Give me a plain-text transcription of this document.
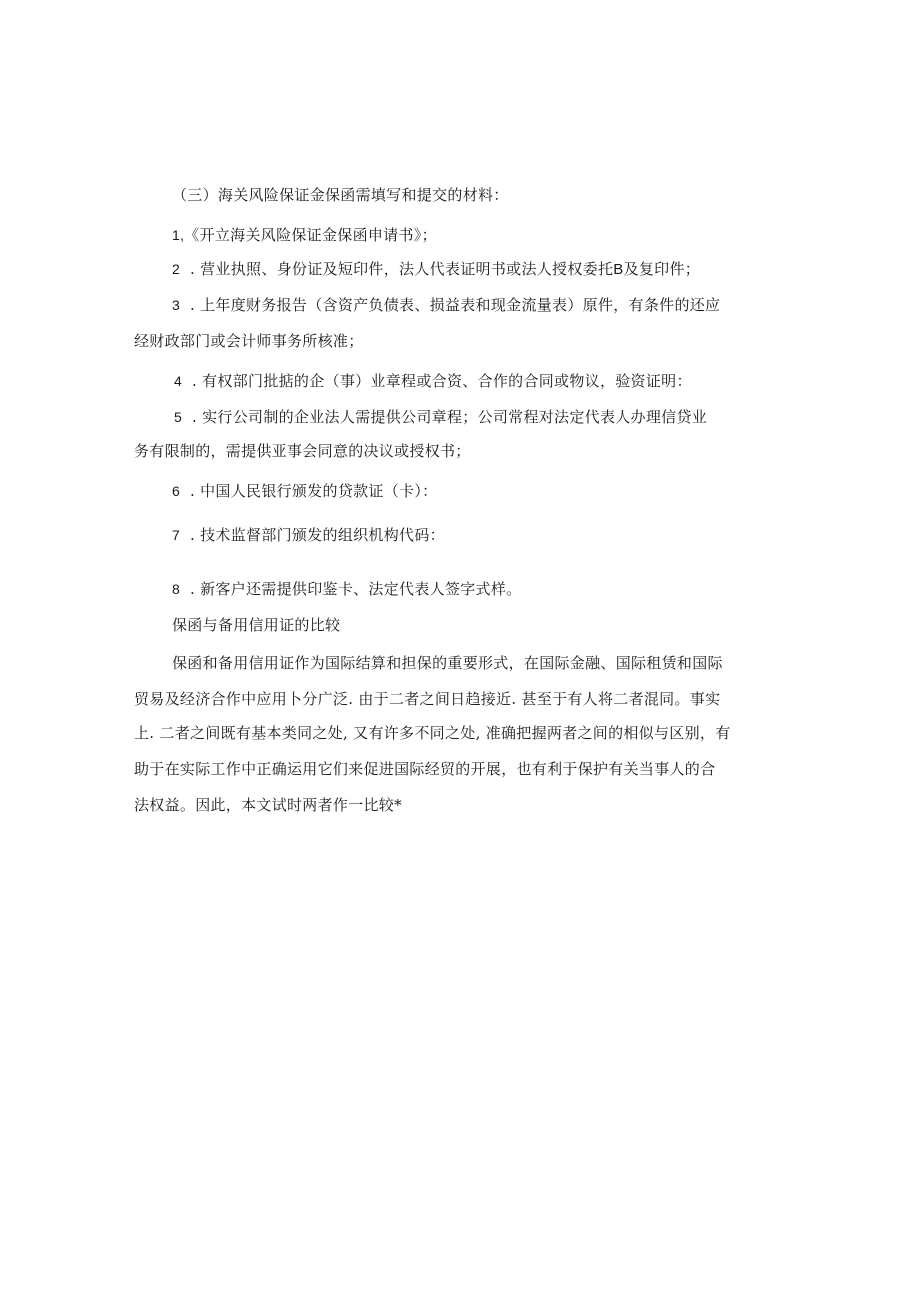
（三）海关风险保证金保函需填写和提交的材料：
1,《开立海关风险保证金保函申请书》；
2 . 营业执照、身份证及短印件，法人代表证明书或法人授权委托B及复印件；
3 . 上年度财务报告（含资产负债表、损益表和现金流量表）原件，有条件的还应
经财政部门或会计师事务所核准；
4 . 有权部门批掂的企（事）业章程或合资、合作的合同或物议，验资证明：
5 . 实行公司制的企业法人需提供公司章程；公司常程对法定代表人办理信贷业
务有限制的，需提供亚事会同意的决议或授权书；
6 . 中国人民银行颁发的贷款证（卡）：
7 . 技术监督部门颁发的组织机构代码：
8 . 新客户还需提供印鉴卡、法定代表人签字式样。
保函与备用信用证的比较
保函和备用信用证作为国际结算和担保的重要形式，在国际金融、国际租赁和国际
贸易及经济合作中应用卜分广泛. 由于二者之间日趋接近. 甚至于有人将二者混同。事实
上. 二者之间既有基本类同之处, 又有许多不同之处, 准确把握两者之间的相似与区别，有
助于在实际工作中正确运用它们来促进国际经贸的开展，也有利于保护有关当事人的合
法权益。因此，本文试时两者作一比较*
